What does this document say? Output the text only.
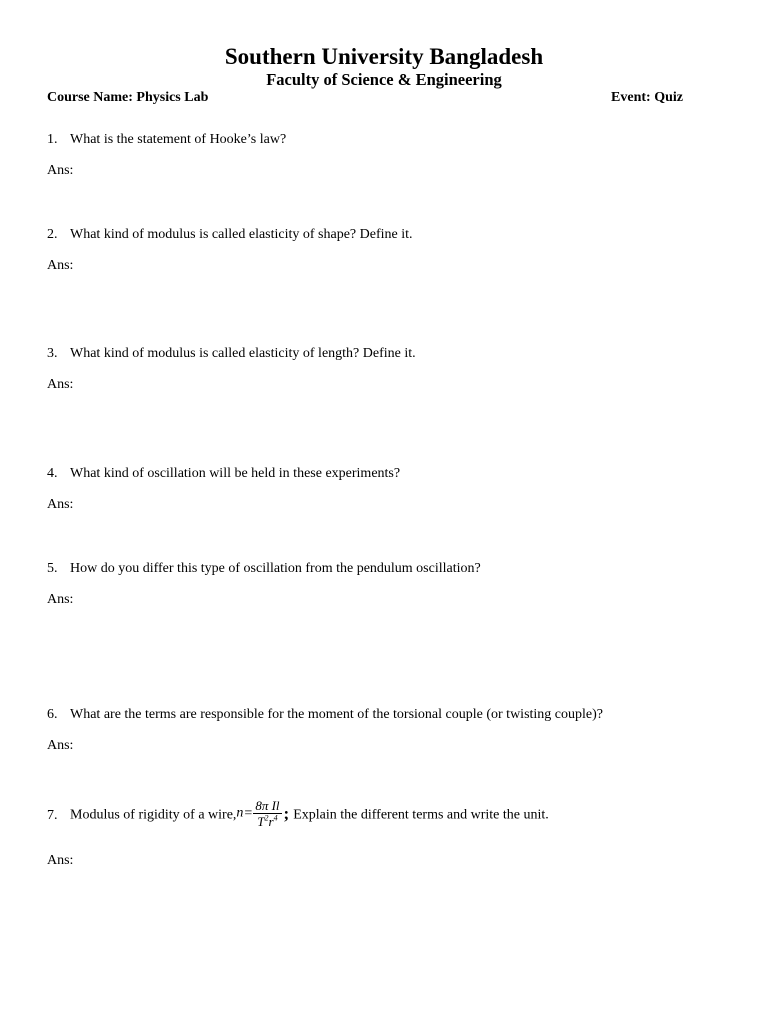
Southern University Bangladesh
Faculty of Science & Engineering
Course Name: Physics Lab	Event: Quiz
1. What is the statement of Hooke’s law?
Ans:
2. What kind of modulus is called elasticity of shape? Define it.
Ans:
3. What kind of modulus is called elasticity of length? Define it.
Ans:
4. What kind of oscillation will be held in these experiments?
Ans:
5. How do you differ this type of oscillation from the pendulum oscillation?
Ans:
6. What are the terms are responsible for the moment of the torsional couple (or twisting couple)?
Ans:
7. Modulus of rigidity of a wire,n= $\frac{\text{8π Il}}{T^2r^4}$ ; Explain the different terms and write the unit.
Ans:
